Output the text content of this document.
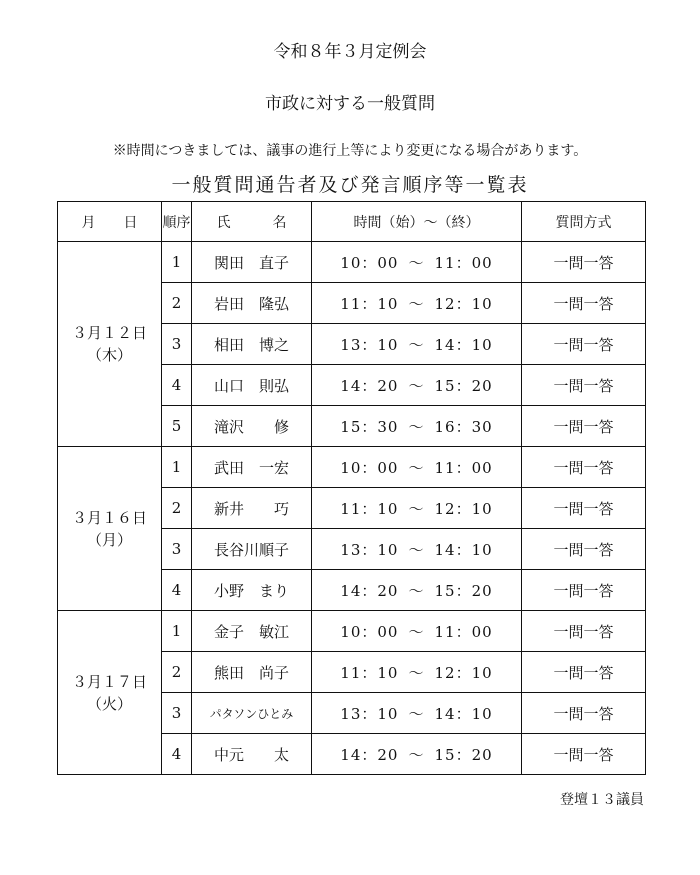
令和８年３月定例会
市政に対する一般質問
※時間につきましては、議事の進行上等により変更になる場合があります。
一般質問通告者及び発言順序等一覧表
月　　日	順序	氏　　　名	時間（始）～（終）	質問方式

３月１２日
（木）	1	関田　直子	10：00 ～ 11：00	一問一答
	2	岩田　隆弘	11：10 ～ 12：10	一問一答
	3	相田　博之	13：10 ～ 14：10	一問一答
	4	山口　則弘	14：20 ～ 15：20	一問一答
	5	滝沢　　修	15：30 ～ 16：30	一問一答

３月１６日
（月）	1	武田　一宏	10：00 ～ 11：00	一問一答
	2	新井　　巧	11：10 ～ 12：10	一問一答
	3	長谷川順子	13：10 ～ 14：10	一問一答
	4	小野　まり	14：20 ～ 15：20	一問一答

３月１７日
（火）	1	金子　敏江	10：00 ～ 11：00	一問一答
	2	熊田　尚子	11：10 ～ 12：10	一問一答
	3	パタソンひとみ	13：10 ～ 14：10	一問一答
	4	中元　　太	14：20 ～ 15：20	一問一答
登壇１３議員
